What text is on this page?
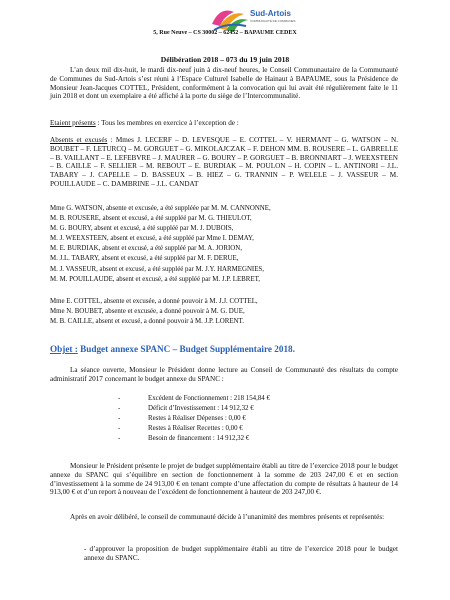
Sud-Artois
COMMUNAUTÉ DE COMMUNES
5, Rue Neuve – CS 30002 – 62452 – BAPAUME CEDEX
Délibération 2018 – 073 du 19 juin 2018
L’an deux mil dix-huit, le mardi dix-neuf juin à dix-neuf heures, le Conseil Communautaire de la Communauté de Communes du Sud-Artois s’est réuni à l’Espace Culturel Isabelle de Hainaut à BAPAUME, sous la Présidence de Monsieur Jean-Jacques COTTEL, Président, conformément à la convocation qui lui avait été régulièrement faite le 11 juin 2018 et dont un exemplaire a été affiché à la porte du siège de l’Intercommunalité.
Etaient présents : Tous les membres en exercice à l’exception de :
Absents et excusés : Mmes J. LECERF – D. LEVESQUE – E. COTTEL – V. HERMANT – G. WATSON – N. BOUBET – F. LETURCQ – M. GORGUET – G. MIKOLAJCZAK – F. DEHON MM. B. ROUSERE – L. GABRELLE – B. VAILLANT – E. LEFEBVRE – J. MAURER – G. BOURY – P. GORGUET – B. BRONNIART – J. WEEXSTEEN – B. CAILLE – F. SELLIER – M. REBOUT – E. BURDIAK – M. POULON – H. COPIN – L. ANTINORI – J.L. TABARY – J. CAPELLE – D. BASSEUX – B. HIEZ – G. TRANNIN – P. WELELE – J. VASSEUR – M. POUILLAUDE – C. DAMBRINE – J.L. CANDAT
Mme G. WATSON, absente et excusée, a été suppléée par M. M. CANNONNE,
M. B. ROUSERE, absent et excusé, a été suppléé par M. G. THIEULOT,
M. G. BOURY, absent et excusé, a été suppléé par M. J. DUBOIS,
M. J. WEEXSTEEN, absent et excusé, a été suppléé par Mme I. DEMAY,
M. E. BURDIAK, absent et excusé, a été suppléé par M. A. JORION,
M. J.L. TABARY, absent et excusé, a été suppléé par M. F. DERUE,
M. J. VASSEUR, absent et excusé, a été suppléé par M. J.Y. HARMEGNIES,
M. M. POUILLAUDE, absent et excusé, a été suppléé par M. J.P. LEBRET,
Mme E. COTTEL, absente et excusée, a donné pouvoir à M. J.J. COTTEL,
Mme N. BOUBET, absente et excusée, a donné pouvoir à M. G. DUE,
M. B. CAILLE, absent et excusé, a donné pouvoir à M. J.P. LORENT.
Objet : Budget annexe SPANC – Budget Supplémentaire 2018.
La séance ouverte, Monsieur le Président donne lecture au Conseil de Communauté des résultats du compte administratif 2017 concernant le budget annexe du SPANC :
-	Excédent de Fonctionnement : 218 154,84 €
-	Déficit d’Investissement : 14 912,32 €
-	Restes à Réaliser Dépenses : 0,00 €
-	Restes à Réaliser Recettes : 0,00 €
-	Besoin de financement : 14 912,32 €
Monsieur le Président présente le projet de budget supplémentaire établi au titre de l’exercice 2018 pour le budget annexe du SPANC qui s’équilibre en section de fonctionnement à la somme de 203 247,00 € et en section d’investissement à la somme de 24 913,00 € en tenant compte d’une affectation du compte de résultats à hauteur de 14 913,00 € et d’un report à nouveau de l’excédent de fonctionnement à hauteur de 203 247,00 €.
Après en avoir délibéré, le conseil de communauté décide à l’unanimité des membres présents et représentés:
- d’approuver la proposition de budget supplémentaire établi au titre de l’exercice 2018 pour le budget annexe du SPANC.
